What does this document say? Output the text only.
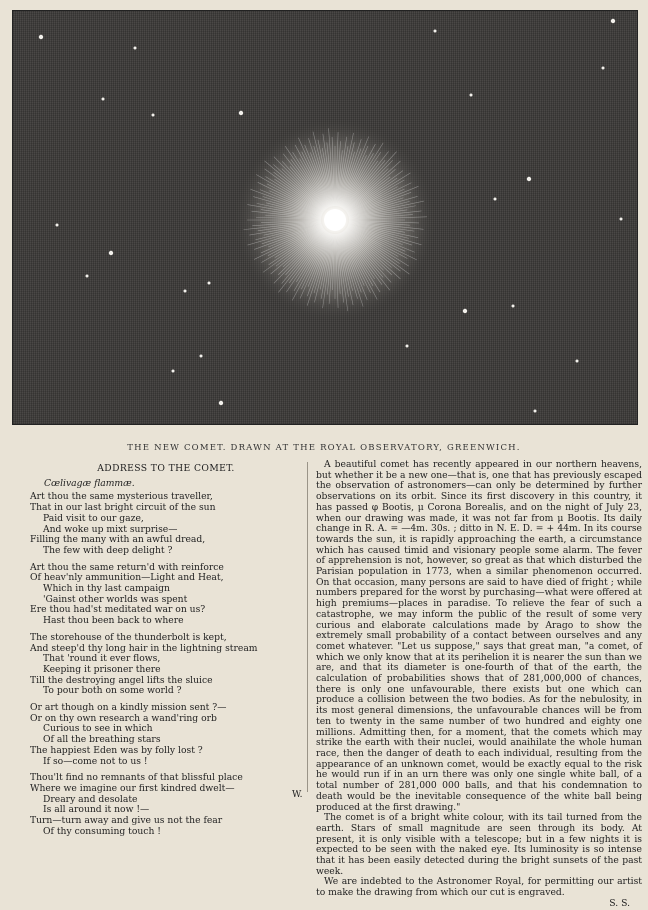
THE NEW COMET. DRAWN AT THE ROYAL OBSERVATORY, GREENWICH.
ADDRESS TO THE COMET.
Cœlivagæ flammæ.
Art thou the same mysterious traveller,
That in our last bright circuit of the sun
Paid visit to our gaze,
And woke up mixt surprise—
Filling the many with an awful dread,
The few with deep delight ?
Art thou the same return'd with reinforce
Of heav'nly ammunition—Light and Heat,
Which in thy last campaign
'Gainst other worlds was spent
Ere thou had'st meditated war on us?
Hast thou been back to where
The storehouse of the thunderbolt is kept,
And steep'd thy long hair in the lightning stream
That 'round it ever flows,
Keeping it prisoner there
Till the destroying angel lifts the sluice
To pour both on some world ?
Or art though on a kindly mission sent ?—
Or on thy own research a wand'ring orb
Curious to see in which
Of all the breathing stars
The happiest Eden was by folly lost ?
If so—come not to us !
Thou'lt find no remnants of that blissful place
Where we imagine our first kindred dwelt—
Dreary and desolate
Is all around it now !—
Turn—turn away and give us not the fear
Of thy consuming touch !
W.

A beautiful comet has recently appeared in our northern heavens, but whether it be a new one—that is, one that has previously escaped the observation of astronomers—can only be determined by further observations on its orbit. Since its first discovery in this country, it has passed φ Bootis, μ Corona Borealis, and on the night of July 23, when our drawing was made, it was not far from μ Bootis. Its daily change in R. A. = —4m. 30s. ; ditto in N. E. D. = + 44m. In its course towards the sun, it is rapidly approaching the earth, a circumstance which has caused timid and visionary people some alarm. The fever of apprehension is not, however, so great as that which disturbed the Parisian population in 1773, when a similar phenomenon occurred. On that occasion, many persons are said to have died of fright ; while numbers prepared for the worst by purchasing—what were offered at high premiums—places in paradise. To relieve the fear of such a catastrophe, we may inform the public of the result of some very curious and elaborate calculations made by Arago to show the extremely small probability of a contact between ourselves and any comet whatever. "Let us suppose," says that great man, "a comet, of which we only know that at its perihelion it is nearer the sun than we are, and that its diameter is one-fourth of that of the earth, the calculation of probabilities shows that of 281,000,000 of chances, there is only one unfavourable, there exists but one which can produce a collision between the two bodies. As for the nebulosity, in its most general dimensions, the unfavourable chances will be from ten to twenty in the same number of two hundred and eighty one millions. Admitting then, for a moment, that the comets which may strike the earth with their nuclei, would anaihilate the whole human race, then the danger of death to each individual, resulting from the appearance of an unknown comet, would be exactly equal to the risk he would run if in an urn there was only one single white ball, of a total number of 281,000 000 balls, and that his condemnation to death would be the inevitable consequence of the white ball being produced at the first drawing."

The comet is of a bright white colour, with its tail turned from the earth. Stars of small magnitude are seen through its body. At present, it is only visible with a telescope; but in a few nights it is expected to be seen with the naked eye. Its luminosity is so intense that it has been easily detected during the bright sunsets of the past week.

We are indebted to the Astronomer Royal, for permitting our artist to make the drawing from which our cut is engraved.

S. S.
